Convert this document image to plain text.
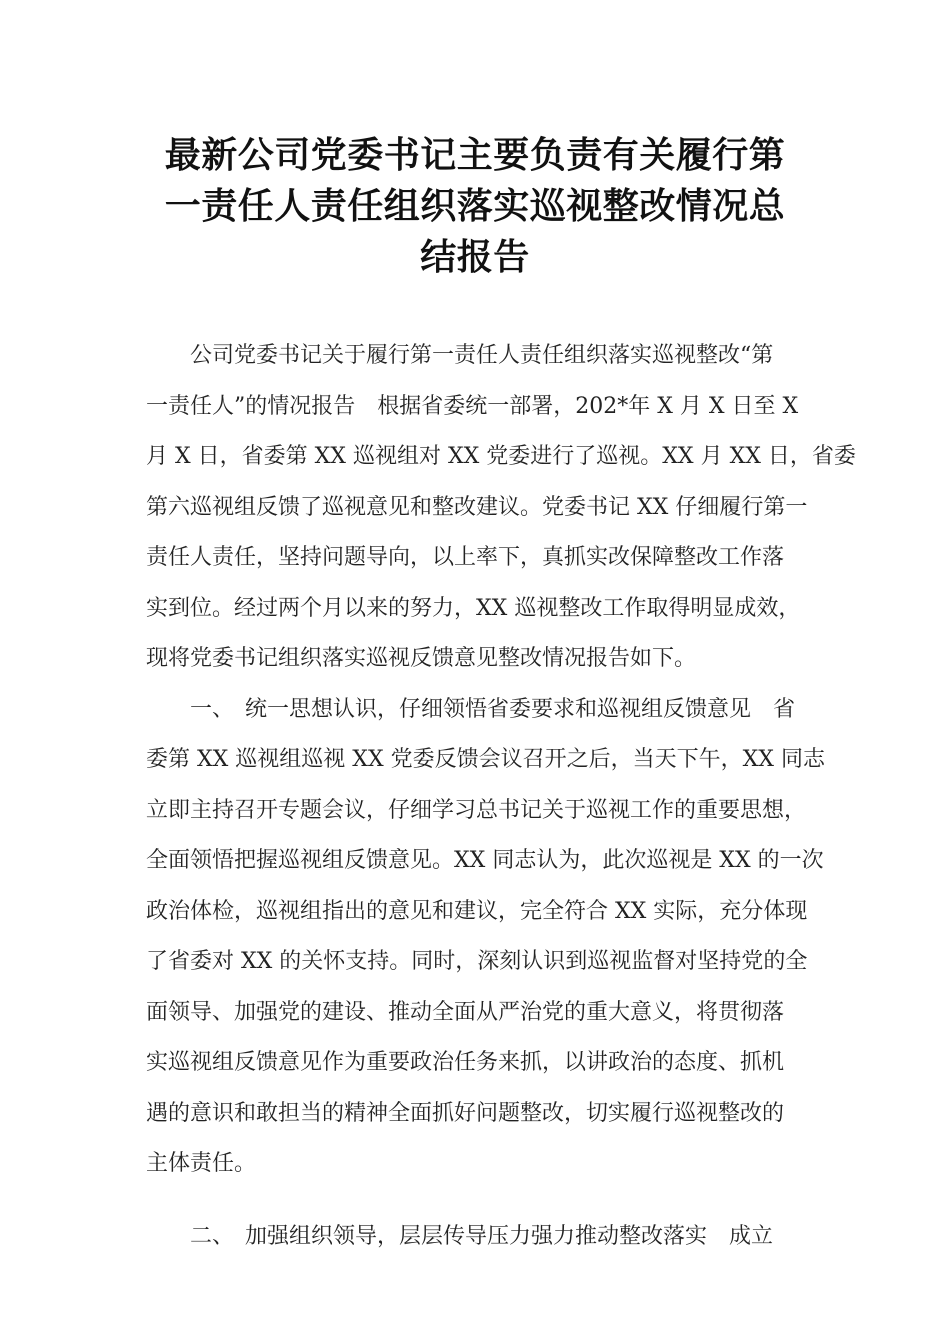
最新公司党委书记主要负责有关履行第
一责任人责任组织落实巡视整改情况总
结报告
公司党委书记关于履行第一责任人责任组织落实巡视整改“第
一责任人”的情况报告　根据省委统一部署，202*年 X 月 X 日至 X
月 X 日，省委第 XX 巡视组对 XX 党委进行了巡视。XX 月 XX 日，省委
第六巡视组反馈了巡视意见和整改建议。党委书记 XX 仔细履行第一
责任人责任，坚持问题导向，以上率下，真抓实改保障整改工作落
实到位。经过两个月以来的努力，XX 巡视整改工作取得明显成效，
现将党委书记组织落实巡视反馈意见整改情况报告如下。
一、　统一思想认识，仔细领悟省委要求和巡视组反馈意见　省
委第 XX 巡视组巡视 XX 党委反馈会议召开之后，当天下午，XX 同志
立即主持召开专题会议，仔细学习总书记关于巡视工作的重要思想，
全面领悟把握巡视组反馈意见。XX 同志认为，此次巡视是 XX 的一次
政治体检，巡视组指出的意见和建议，完全符合 XX 实际，充分体现
了省委对 XX 的关怀支持。同时，深刻认识到巡视监督对坚持党的全
面领导、加强党的建设、推动全面从严治党的重大意义，将贯彻落
实巡视组反馈意见作为重要政治任务来抓，以讲政治的态度、抓机
遇的意识和敢担当的精神全面抓好问题整改，切实履行巡视整改的
主体责任。
二、　加强组织领导，层层传导压力强力推动整改落实　成立
